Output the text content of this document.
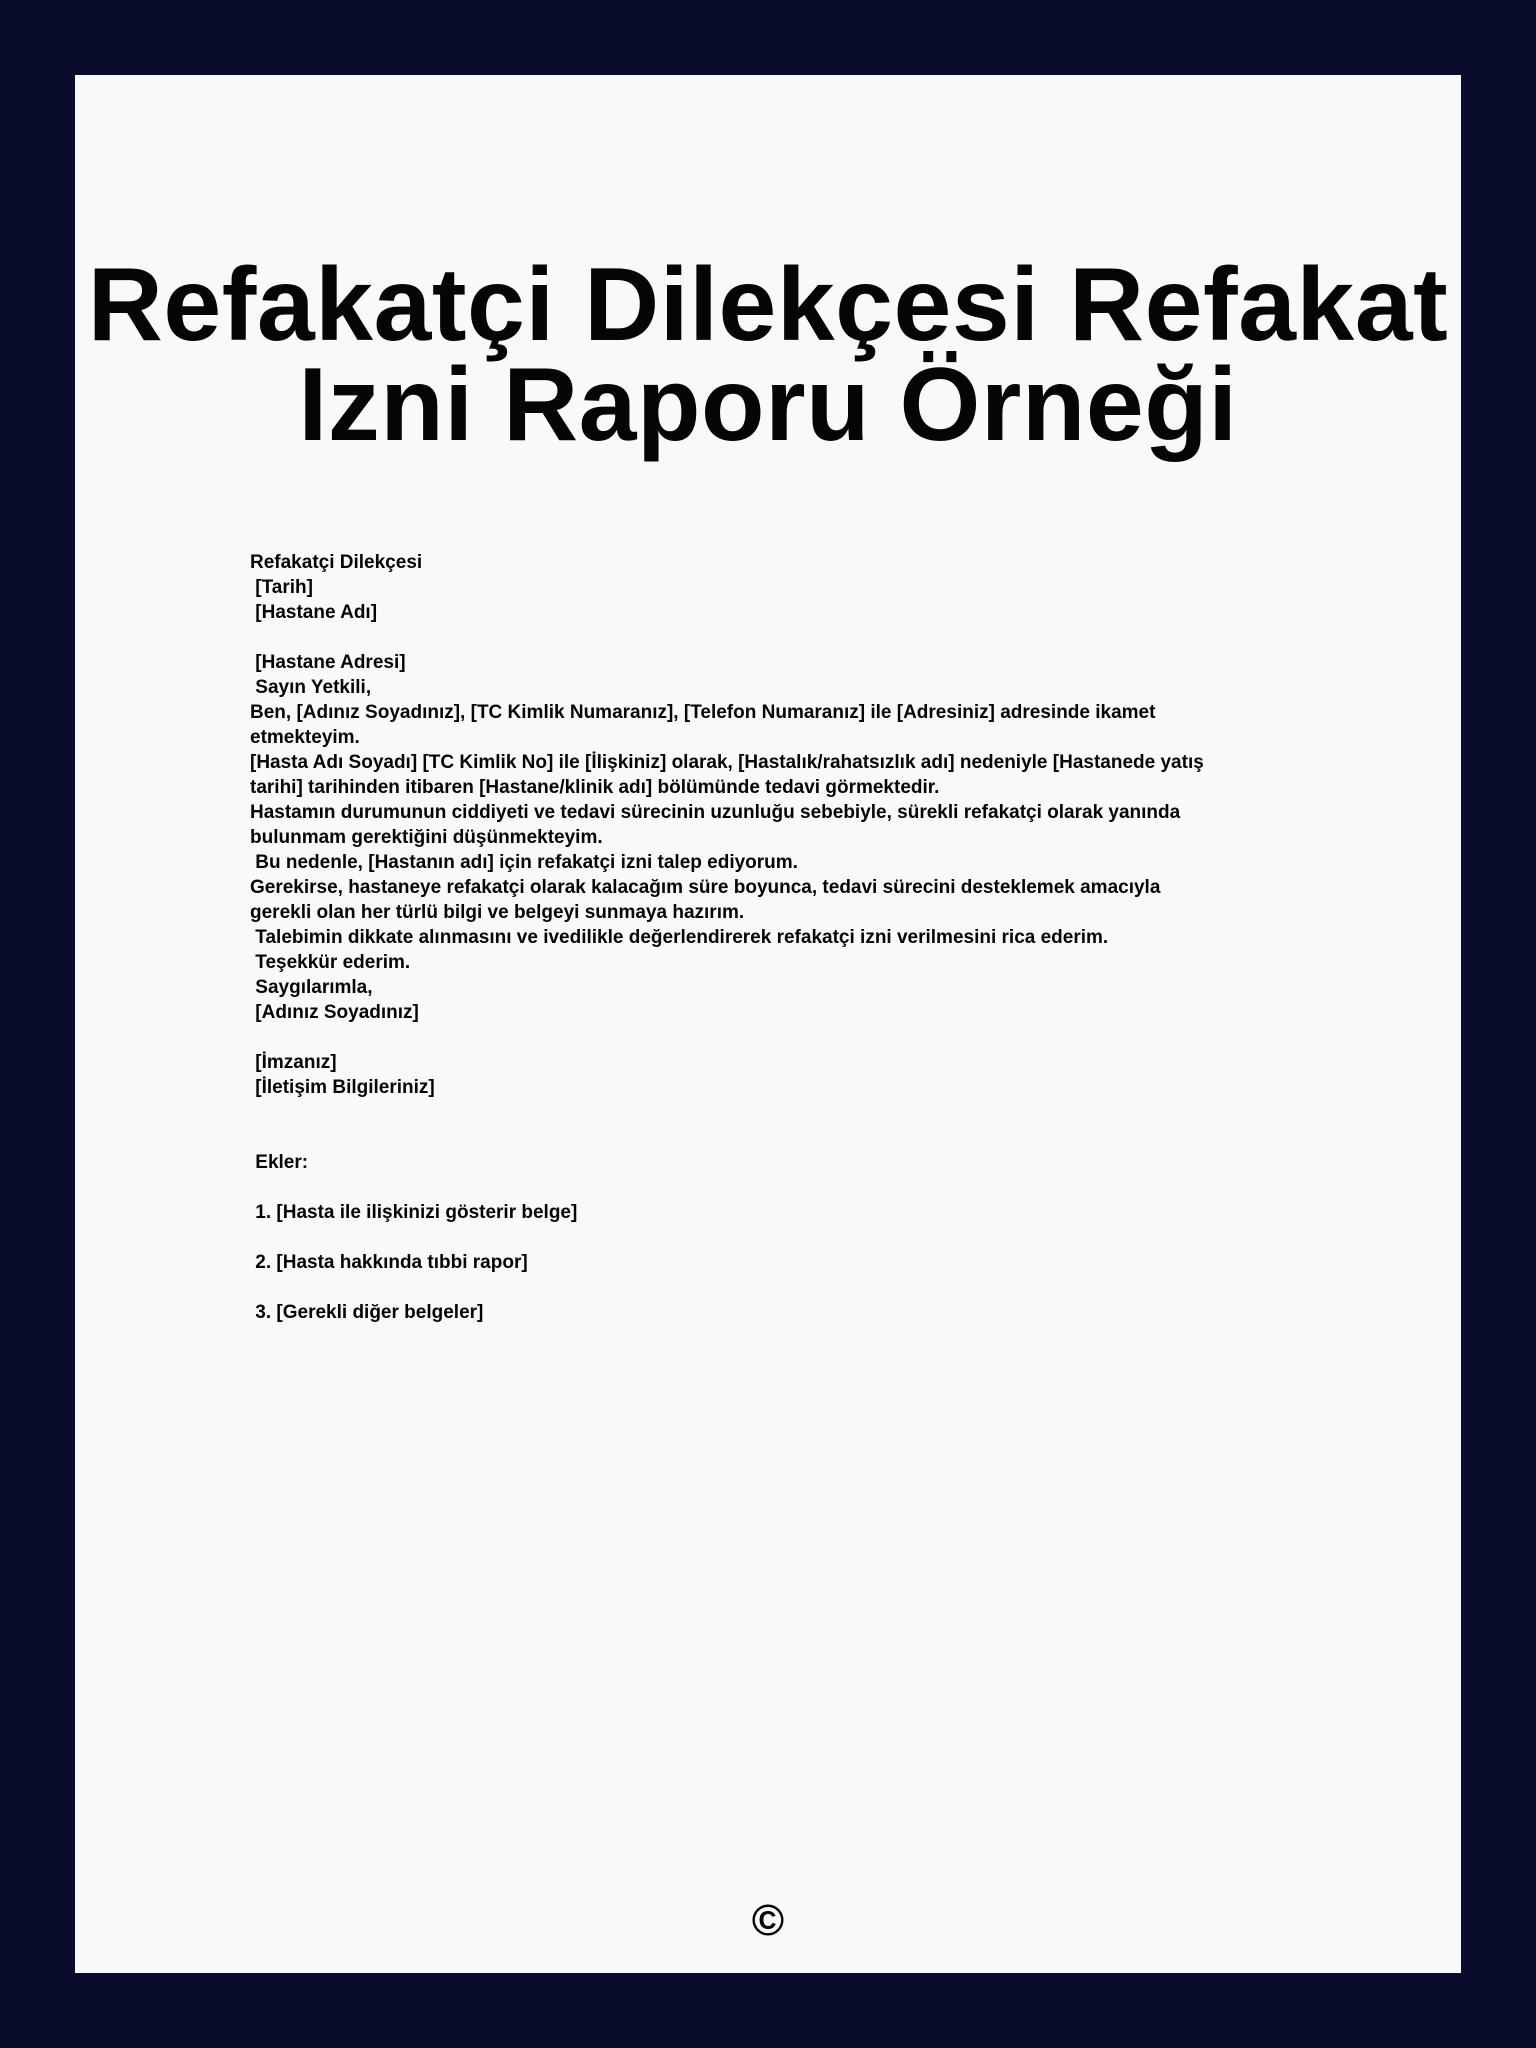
Refakatçi Dilekçesi Refakat Izni Raporu Örneği
Refakatçi Dilekçesi
[Tarih]
[Hastane Adı]
[Hastane Adresi]
Sayın Yetkili,
Ben, [Adınız Soyadınız], [TC Kimlik Numaranız], [Telefon Numaranız] ile [Adresiniz] adresinde ikamet
etmekteyim.
[Hasta Adı Soyadı] [TC Kimlik No] ile [İlişkiniz] olarak, [Hastalık/rahatsızlık adı] nedeniyle [Hastanede yatış
tarihi] tarihinden itibaren [Hastane/klinik adı] bölümünde tedavi görmektedir.
Hastamın durumunun ciddiyeti ve tedavi sürecinin uzunluğu sebebiyle, sürekli refakatçi olarak yanında
bulunmam gerektiğini düşünmekteyim.
Bu nedenle, [Hastanın adı] için refakatçi izni talep ediyorum.
Gerekirse, hastaneye refakatçi olarak kalacağım süre boyunca, tedavi sürecini desteklemek amacıyla
gerekli olan her türlü bilgi ve belgeyi sunmaya hazırım.
Talebimin dikkate alınmasını ve ivedilikle değerlendirerek refakatçi izni verilmesini rica ederim.
Teşekkür ederim.
Saygılarımla,
[Adınız Soyadınız]
[İmzanız]
[İletişim Bilgileriniz]
Ekler:
1. [Hasta ile ilişkinizi gösterir belge]
2. [Hasta hakkında tıbbi rapor]
3. [Gerekli diğer belgeler]
©
